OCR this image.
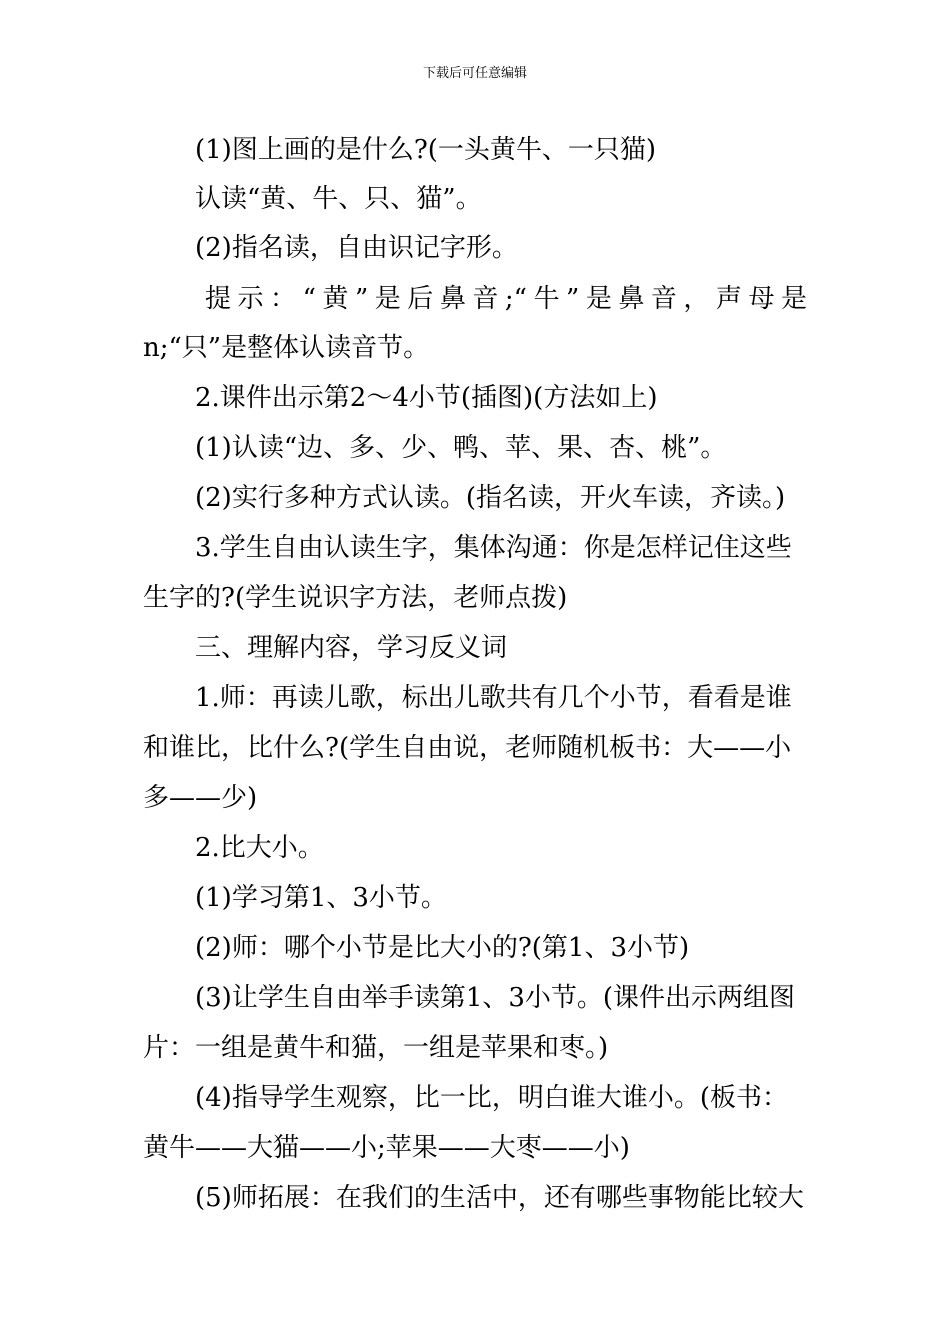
下载后可任意编辑
(1)图上画的是什么?(一头黄牛、一只猫)
认读“黄、牛、只、猫”。
(2)指名读，自由识记字形。
提示：“黄”是后鼻音;“牛”是鼻音，声母是
n;“只”是整体认读音节。
2.课件出示第2～4小节(插图)(方法如上)
(1)认读“边、多、少、鸭、苹、果、杏、桃”。
(2)实行多种方式认读。(指名读，开火车读，齐读。)
3.学生自由认读生字，集体沟通：你是怎样记住这些
生字的?(学生说识字方法，老师点拨)
三、理解内容，学习反义词
1.师：再读儿歌，标出儿歌共有几个小节，看看是谁
和谁比，比什么?(学生自由说，老师随机板书：大——小
多——少)
2.比大小。
(1)学习第1、3小节。
(2)师：哪个小节是比大小的?(第1、3小节)
(3)让学生自由举手读第1、3小节。(课件出示两组图
片：一组是黄牛和猫，一组是苹果和枣。)
(4)指导学生观察，比一比，明白谁大谁小。(板书：
黄牛——大猫——小;苹果——大枣——小)
(5)师拓展：在我们的生活中，还有哪些事物能比较大
